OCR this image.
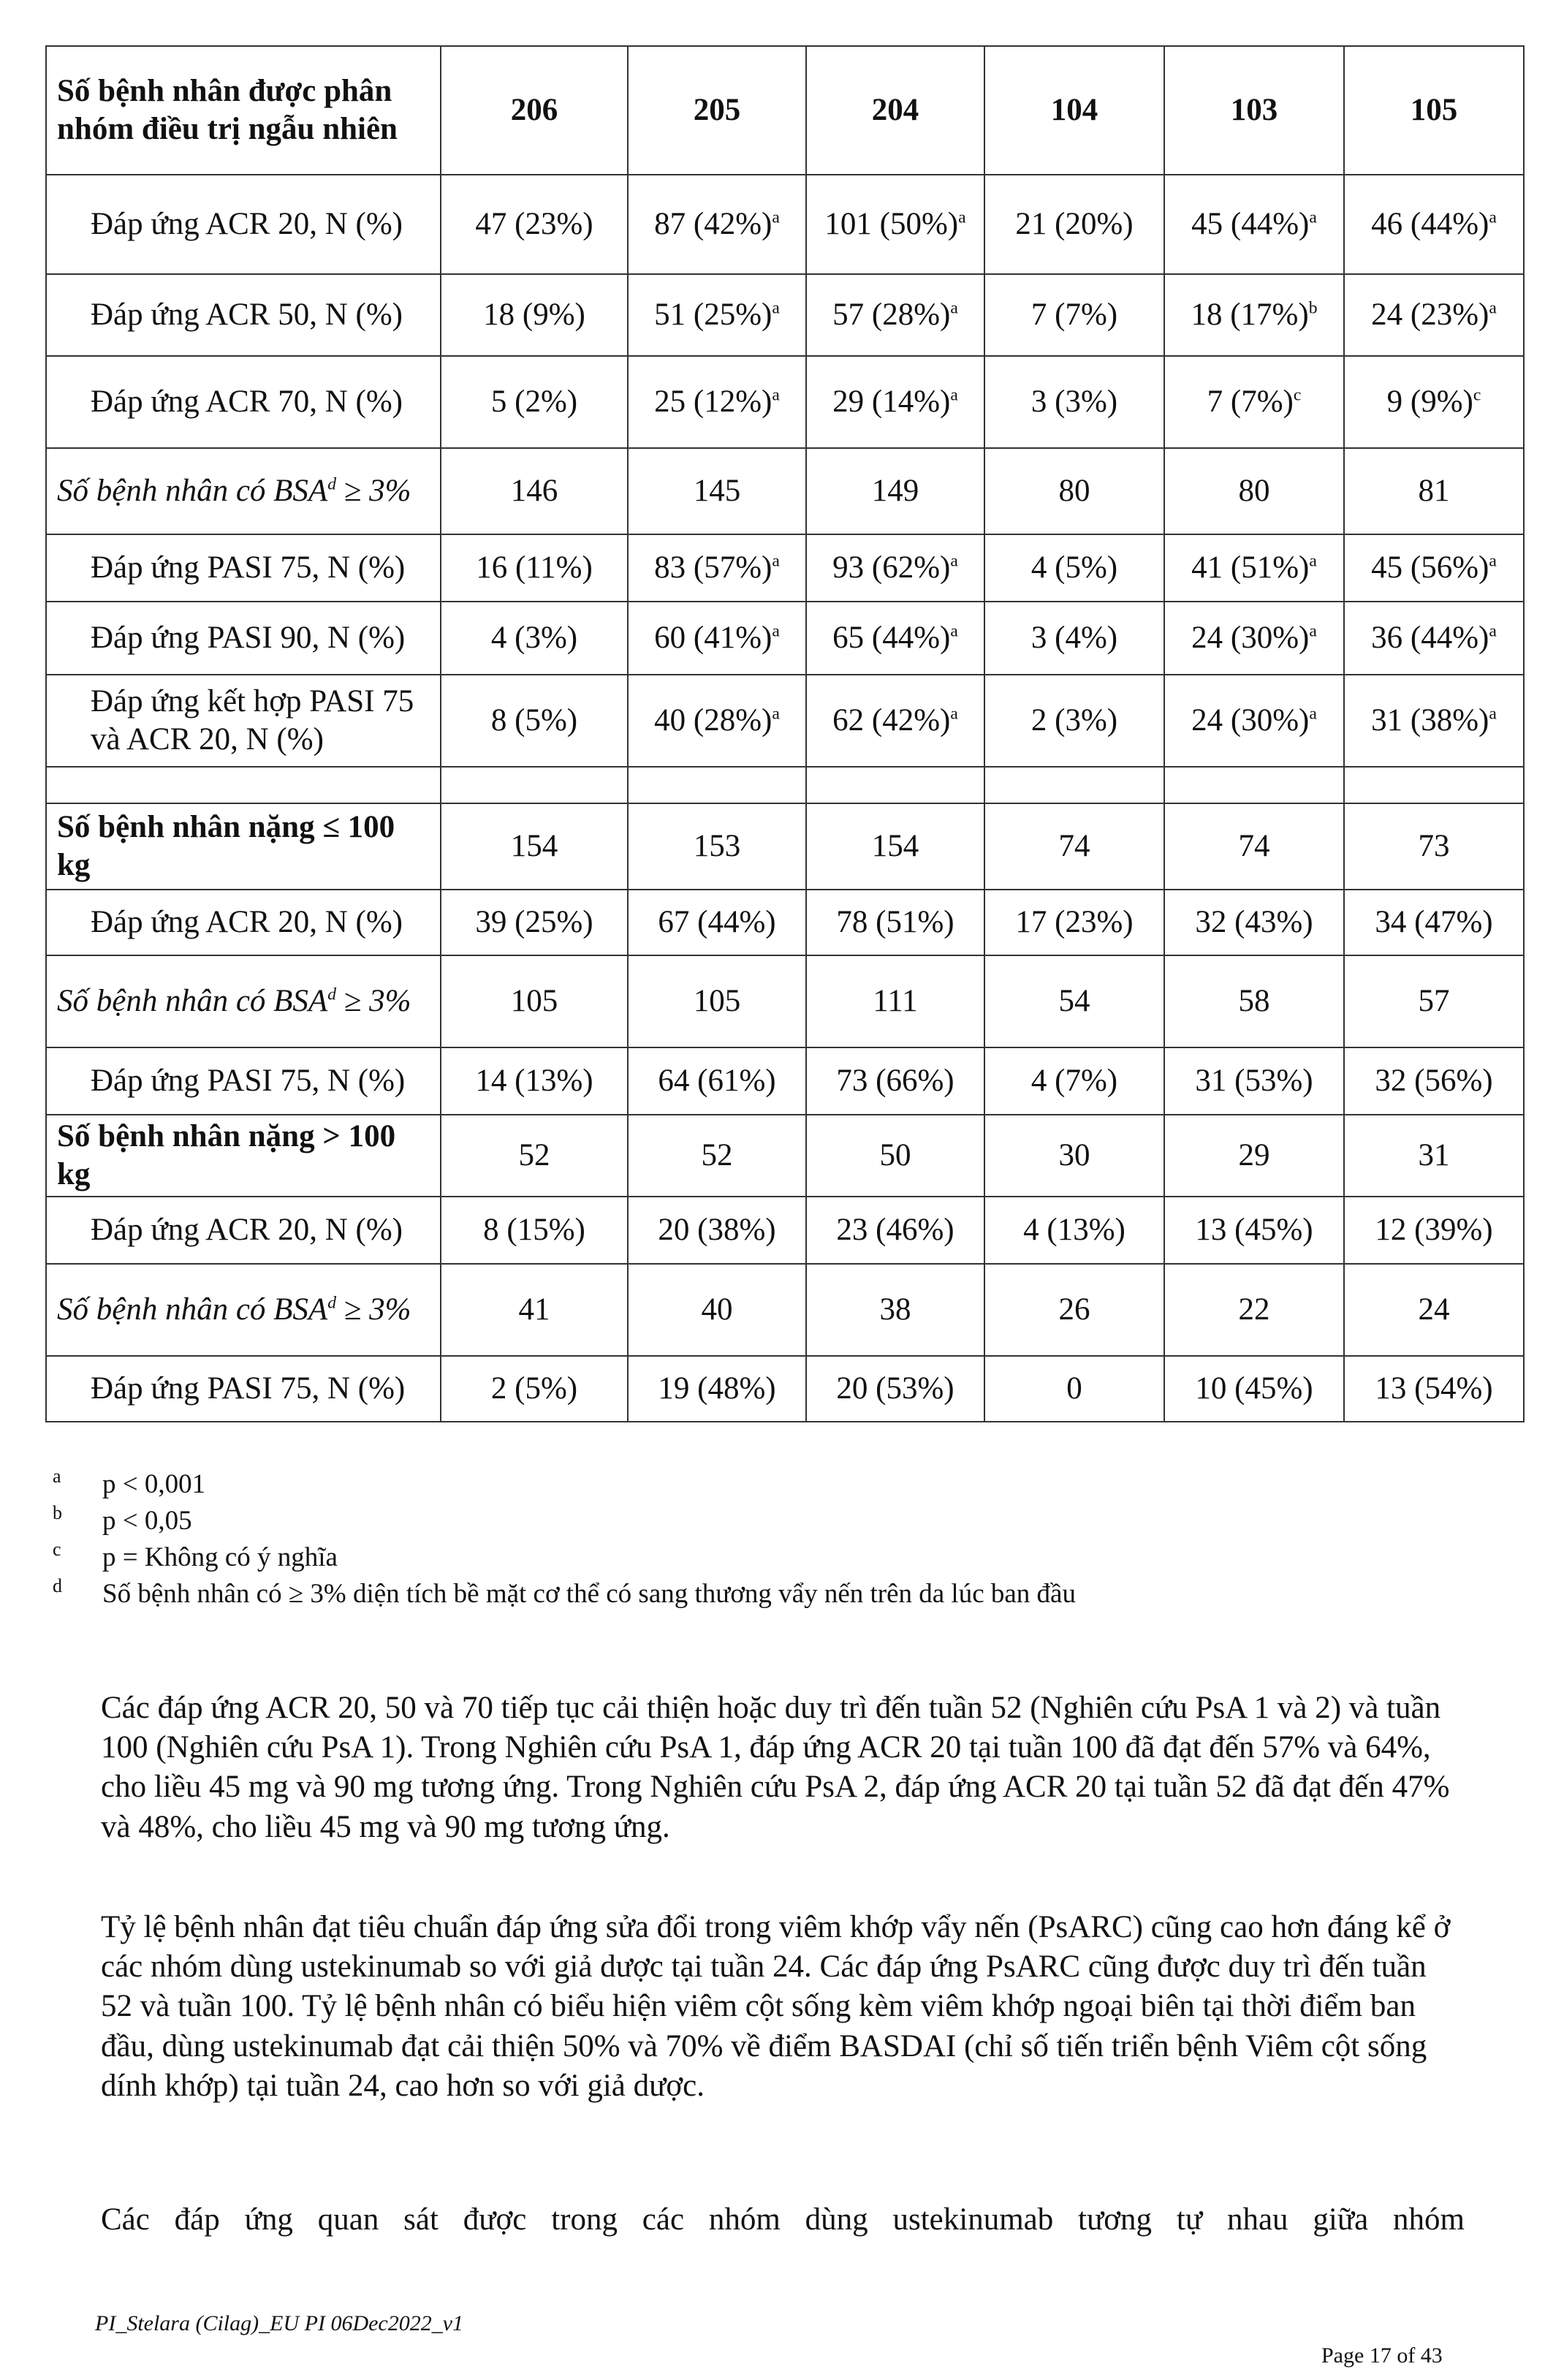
Số bệnh nhân được phân nhóm điều trị ngẫu nhiên	206	205	204	104	103	105
Đáp ứng ACR 20, N (%)	47 (23%)	87 $(42\%)^a$	101 $(50\%)^a$	21 (20%)	45 $(44\%)^a$	46 $(44\%)^a$
Đáp ứng ACR 50, N (%)	18 (9%)	51 $(25\%)^a$	57 $(28\%)^a$	7 (7%)	18 $(17\%)^b$	24 $(23\%)^a$
Đáp ứng ACR 70, N (%)	5 (2%)	25 $(12\%)^a$	29 $(14\%)^a$	3 (3%)	7 $(7\%)^c$	9 $(9\%)^c$
Số bệnh nhân có $BSA^d \ge 3\%$	146	145	149	80	80	81
Đáp ứng PASI 75, N (%)	16 (11%)	83 $(57\%)^a$	93 $(62\%)^a$	4 (5%)	41 $(51\%)^a$	45 $(56\%)^a$
Đáp ứng PASI 90, N (%)	4 (3%)	60 $(41\%)^a$	65 $(44\%)^a$	3 (4%)	24 $(30\%)^a$	36 $(44\%)^a$
Đáp ứng kết hợp PASI 75 và ACR 20, N (%)	8 (5%)	40 $(28\%)^a$	62 $(42\%)^a$	2 (3%)	24 $(30\%)^a$	31 $(38\%)^a$

Số bệnh nhân nặng ≤ 100 kg	154	153	154	74	74	73
Đáp ứng ACR 20, N (%)	39 (25%)	67 (44%)	78 (51%)	17 (23%)	32 (43%)	34 (47%)
Số bệnh nhân có $BSA^d \ge 3\%$	105	105	111	54	58	57
Đáp ứng PASI 75, N (%)	14 (13%)	64 (61%)	73 (66%)	4 (7%)	31 (53%)	32 (56%)
Số bệnh nhân nặng > 100 kg	52	52	50	30	29	31
Đáp ứng ACR 20, N (%)	8 (15%)	20 (38%)	23 (46%)	4 (13%)	13 (45%)	12 (39%)
Số bệnh nhân có $BSA^d \ge 3\%$	41	40	38	26	22	24
Đáp ứng PASI 75, N (%)	2 (5%)	19 (48%)	20 (53%)	0	10 (45%)	13 (54%)
a	p < 0,001
b	p < 0,05
c	p = Không có ý nghĩa
d	Số bệnh nhân có ≥ 3% diện tích bề mặt cơ thể có sang thương vẩy nến trên da lúc ban đầu

Các đáp ứng ACR 20, 50 và 70 tiếp tục cải thiện hoặc duy trì đến tuần 52 (Nghiên cứu PsA 1 và 2) và tuần 100 (Nghiên cứu PsA 1). Trong Nghiên cứu PsA 1, đáp ứng ACR 20 tại tuần 100 đã đạt đến 57% và 64%, cho liều 45 mg và 90 mg tương ứng. Trong Nghiên cứu PsA 2, đáp ứng ACR 20 tại tuần 52 đã đạt đến 47% và 48%, cho liều 45 mg và 90 mg tương ứng.

Tỷ lệ bệnh nhân đạt tiêu chuẩn đáp ứng sửa đổi trong viêm khớp vẩy nến (PsARC) cũng cao hơn đáng kể ở các nhóm dùng ustekinumab so với giả dược tại tuần 24. Các đáp ứng PsARC cũng được duy trì đến tuần 52 và tuần 100. Tỷ lệ bệnh nhân có biểu hiện viêm cột sống kèm viêm khớp ngoại biên tại thời điểm ban đầu, dùng ustekinumab đạt cải thiện 50% và 70% về điểm BASDAI (chỉ số tiến triển bệnh Viêm cột sống dính khớp) tại tuần 24, cao hơn so với giả dược.

Các đáp ứng quan sát được trong các nhóm dùng ustekinumab tương tự nhau giữa nhóm

PI_Stelara (Cilag)_EU PI 06Dec2022_v1
Page 17 of 43
